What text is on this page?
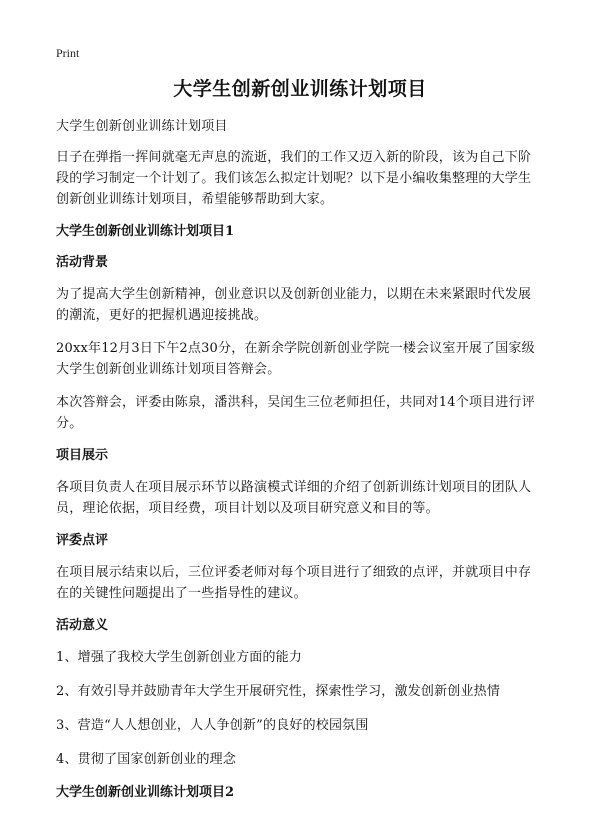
Print
大学生创新创业训练计划项目

大学生创新创业训练计划项目

日子在弹指一挥间就毫无声息的流逝，我们的工作又迈入新的阶段，该为自己下阶段的学习制定一个计划了。我们该怎么拟定计划呢？以下是小编收集整理的大学生创新创业训练计划项目，希望能够帮助到大家。

大学生创新创业训练计划项目1
活动背景

为了提高大学生创新精神，创业意识以及创新创业能力，以期在未来紧跟时代发展的潮流，更好的把握机遇迎接挑战。

20xx年12月3日下午2点30分，在新余学院创新创业学院一楼会议室开展了国家级大学生创新创业训练计划项目答辩会。

本次答辩会，评委由陈泉，潘洪科，吴闰生三位老师担任，共同对14个项目进行评分。

项目展示

各项目负责人在项目展示环节以路演模式详细的介绍了创新训练计划项目的团队人员，理论依据，项目经费，项目计划以及项目研究意义和目的等。

评委点评

在项目展示结束以后，三位评委老师对每个项目进行了细致的点评，并就项目中存在的关键性问题提出了一些指导性的建议。

活动意义

1、增强了我校大学生创新创业方面的能力

2、有效引导并鼓励青年大学生开展研究性，探索性学习，激发创新创业热情

3、营造“人人想创业，人人争创新”的良好的校园氛围

4、贯彻了国家创新创业的理念

大学生创新创业训练计划项目2
